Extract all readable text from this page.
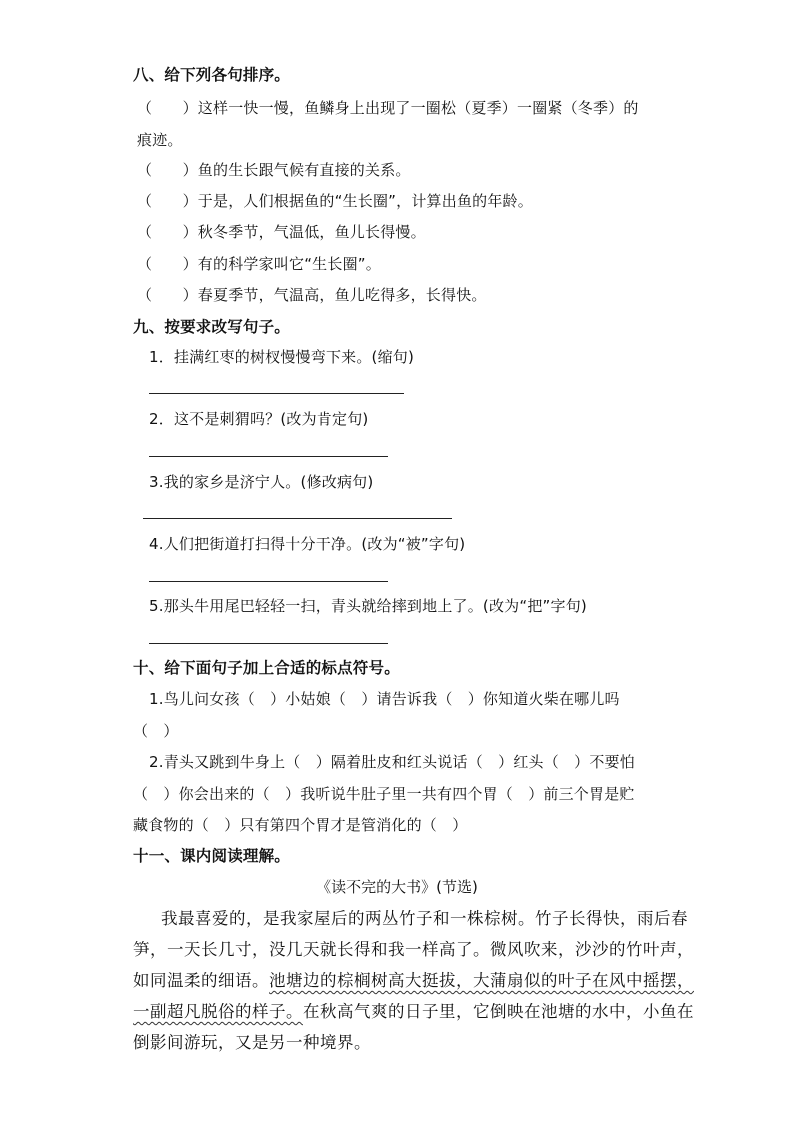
八、给下列各句排序。
（　　）这样一快一慢，鱼鳞身上出现了一圈松（夏季）一圈紧（冬季）的
痕迹。
（　　）鱼的生长跟气候有直接的关系。
（　　）于是，人们根据鱼的“生长圈”，计算出鱼的年龄。
（　　）秋冬季节，气温低，鱼儿长得慢。
（　　）有的科学家叫它“生长圈”。
（　　）春夏季节，气温高，鱼儿吃得多，长得快。
九、按要求改写句子。
1．挂满红枣的树杈慢慢弯下来。(缩句)
2．这不是刺猬吗？(改为肯定句)
3.我的家乡是济宁人。(修改病句)
4.人们把街道打扫得十分干净。(改为“被”字句)
5.那头牛用尾巴轻轻一扫，青头就给摔到地上了。(改为“把”字句)
十、给下面句子加上合适的标点符号。
1.鸟儿问女孩（　）小姑娘（　）请告诉我（　）你知道火柴在哪儿吗
（　）
2.青头又跳到牛身上（　）隔着肚皮和红头说话（　）红头（　）不要怕
（　）你会出来的（　）我听说牛肚子里一共有四个胃（　）前三个胃是贮
藏食物的（　）只有第四个胃才是管消化的（　）
十一、课内阅读理解。
《读不完的大书》(节选)
我最喜爱的，是我家屋后的两丛竹子和一株棕树。竹子长得快，雨后春
笋，一天长几寸，没几天就长得和我一样高了。微风吹来，沙沙的竹叶声，
如同温柔的细语。池塘边的棕榈树高大挺拔，大蒲扇似的叶子在风中摇摆，
一副超凡脱俗的样子。在秋高气爽的日子里，它倒映在池塘的水中，小鱼在
倒影间游玩，又是另一种境界。
